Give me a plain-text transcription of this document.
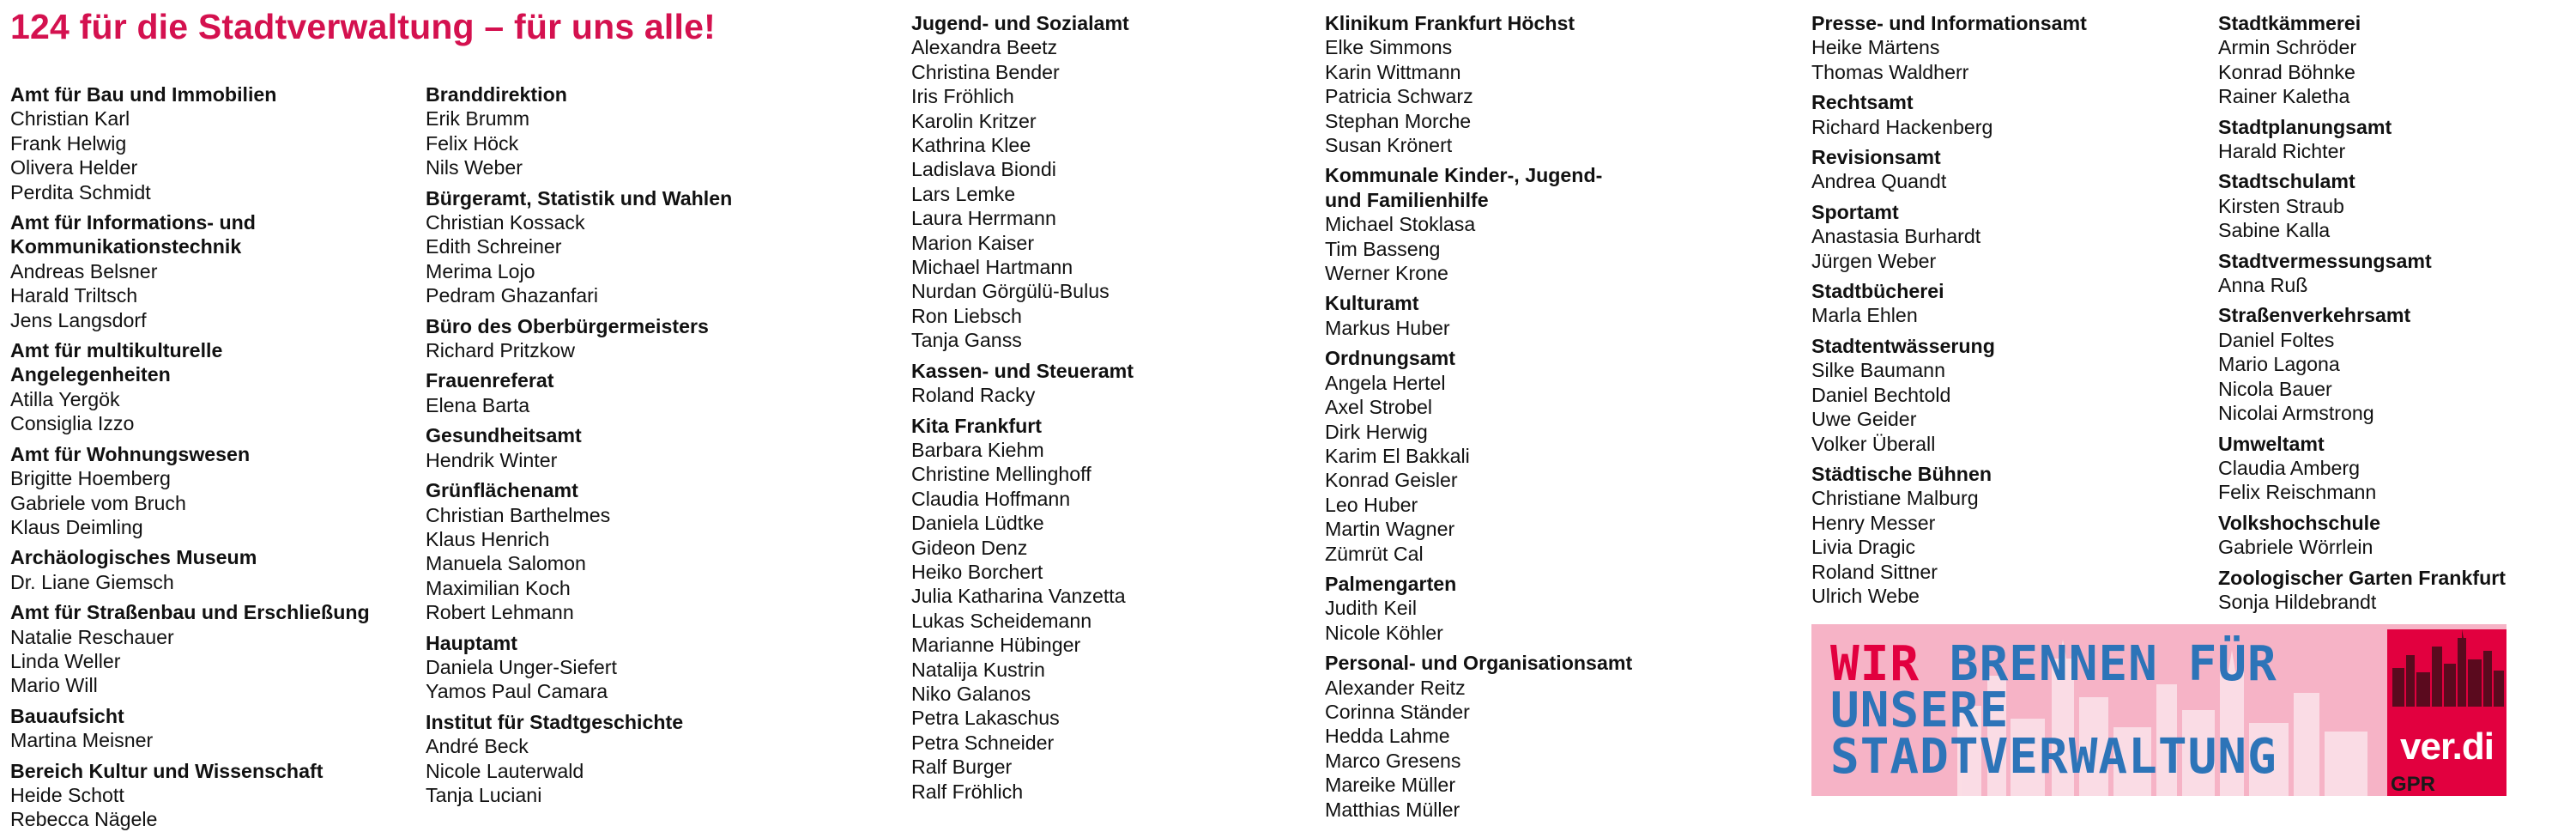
124 für die Stadtverwaltung – für uns alle!
Amt für Bau und Immobilien
Christian Karl
Frank Helwig
Olivera Helder
Perdita Schmidt
Amt für Informations- und
Kommunikationstechnik
Andreas Belsner
Harald Triltsch
Jens Langsdorf
Amt für multikulturelle
Angelegenheiten
Atilla Yergök
Consiglia Izzo
Amt für Wohnungswesen
Brigitte Hoemberg
Gabriele vom Bruch
Klaus Deimling
Archäologisches Museum
Dr. Liane Giemsch
Amt für Straßenbau und Erschließung
Natalie Reschauer
Linda Weller
Mario Will
Bauaufsicht
Martina Meisner
Bereich Kultur und Wissenschaft
Heide Schott
Rebecca Nägele
Branddirektion
Erik Brumm
Felix Höck
Nils Weber
Bürgeramt, Statistik und Wahlen
Christian Kossack
Edith Schreiner
Merima Lojo
Pedram Ghazanfari
Büro des Oberbürgermeisters
Richard Pritzkow
Frauenreferat
Elena Barta
Gesundheitsamt
Hendrik Winter
Grünflächenamt
Christian Barthelmes
Klaus Henrich
Manuela Salomon
Maximilian Koch
Robert Lehmann
Hauptamt
Daniela Unger-Siefert
Yamos Paul Camara
Institut für Stadtgeschichte
André Beck
Nicole Lauterwald
Tanja Luciani
Jugend- und Sozialamt
Alexandra Beetz
Christina Bender
Iris Fröhlich
Karolin Kritzer
Kathrina Klee
Ladislava Biondi
Lars Lemke
Laura Herrmann
Marion Kaiser
Michael Hartmann
Nurdan Görgülü-Bulus
Ron Liebsch
Tanja Ganss
Kassen- und Steueramt
Roland Racky
Kita Frankfurt
Barbara Kiehm
Christine Mellinghoff
Claudia Hoffmann
Daniela Lüdtke
Gideon Denz
Heiko Borchert
Julia Katharina Vanzetta
Lukas Scheidemann
Marianne Hübinger
Natalija Kustrin
Niko Galanos
Petra Lakaschus
Petra Schneider
Ralf Burger
Ralf Fröhlich
Klinikum Frankfurt Höchst
Elke Simmons
Karin Wittmann
Patricia Schwarz
Stephan Morche
Susan Krönert
Kommunale Kinder-, Jugend-
und Familienhilfe
Michael Stoklasa
Tim Basseng
Werner Krone
Kulturamt
Markus Huber
Ordnungsamt
Angela Hertel
Axel Strobel
Dirk Herwig
Karim El Bakkali
Konrad Geisler
Leo Huber
Martin Wagner
Zümrüt Cal
Palmengarten
Judith Keil
Nicole Köhler
Personal- und Organisationsamt
Alexander Reitz
Corinna Ständer
Hedda Lahme
Marco Gresens
Mareike Müller
Matthias Müller
Presse- und Informationsamt
Heike Märtens
Thomas Waldherr
Rechtsamt
Richard Hackenberg
Revisionsamt
Andrea Quandt
Sportamt
Anastasia Burhardt
Jürgen Weber
Stadtbücherei
Marla Ehlen
Stadtentwässerung
Silke Baumann
Daniel Bechtold
Uwe Geider
Volker Überall
Städtische Bühnen
Christiane Malburg
Henry Messer
Livia Dragic
Roland Sittner
Ulrich Webe
Stadtkämmerei
Armin Schröder
Konrad Böhnke
Rainer Kaletha
Stadtplanungsamt
Harald Richter
Stadtschulamt
Kirsten Straub
Sabine Kalla
Stadtvermessungsamt
Anna Ruß
Straßenverkehrsamt
Daniel Foltes
Mario Lagona
Nicola Bauer
Nicolai Armstrong
Umweltamt
Claudia Amberg
Felix Reischmann
Volkshochschule
Gabriele Wörrlein
Zoologischer Garten Frankfurt
Sonja Hildebrandt
WIR BRENNEN FÜR
UNSERE
STADTVERWALTUNG	ver.di
GPR
